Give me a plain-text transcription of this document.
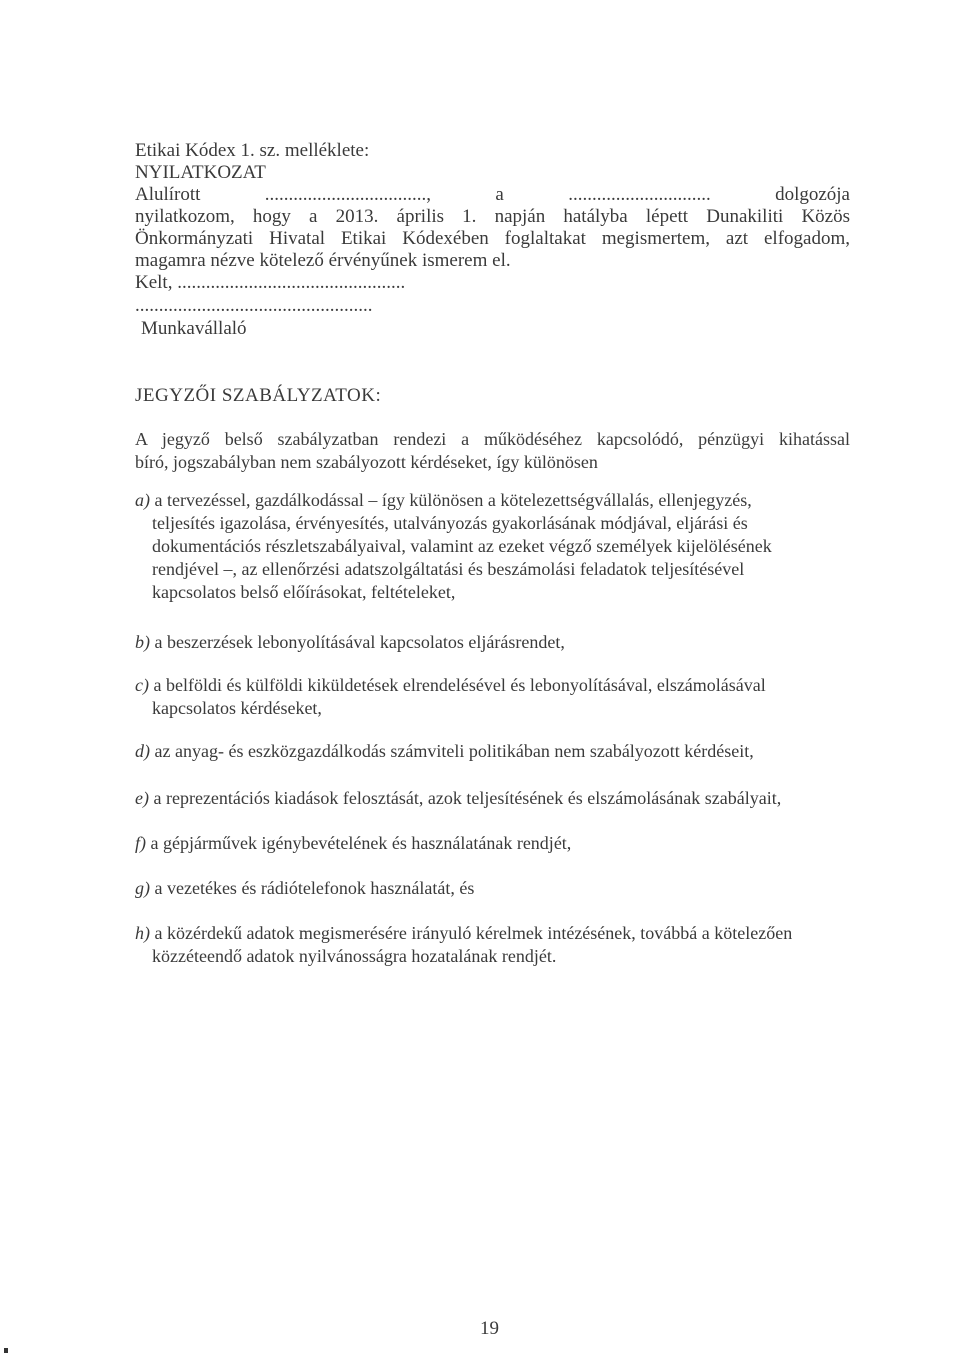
Etikai Kódex 1. sz. melléklete:
NYILATKOZAT
Alulírott .................................., a .............................. dolgozója
nyilatkozom, hogy a 2013. április 1. napján hatályba lépett Dunakiliti Közös
Önkormányzati Hivatal Etikai Kódexében foglaltakat megismertem, azt elfogadom,
magamra nézve kötelező érvényűnek ismerem el.
Kelt, ................................................
..................................................
Munkavállaló
JEGYZŐI SZABÁLYZATOK:
A jegyző belső szabályzatban rendezi a működéséhez kapcsolódó, pénzügyi kihatással
bíró, jogszabályban nem szabályozott kérdéseket, így különösen
a) a tervezéssel, gazdálkodással – így különösen a kötelezettségvállalás, ellenjegyzés,
teljesítés igazolása, érvényesítés, utalványozás gyakorlásának módjával, eljárási és
dokumentációs részletszabályaival, valamint az ezeket végző személyek kijelölésének
rendjével –, az ellenőrzési adatszolgáltatási és beszámolási feladatok teljesítésével
kapcsolatos belső előírásokat, feltételeket,
b) a beszerzések lebonyolításával kapcsolatos eljárásrendet,
c) a belföldi és külföldi kiküldetések elrendelésével és lebonyolításával, elszámolásával
kapcsolatos kérdéseket,
d) az anyag- és eszközgazdálkodás számviteli politikában nem szabályozott kérdéseit,
e) a reprezentációs kiadások felosztását, azok teljesítésének és elszámolásának szabályait,
f) a gépjárművek igénybevételének és használatának rendjét,
g) a vezetékes és rádiótelefonok használatát, és
h) a közérdekű adatok megismerésére irányuló kérelmek intézésének, továbbá a kötelezően
közzéteendő adatok nyilvánosságra hozatalának rendjét.
19
